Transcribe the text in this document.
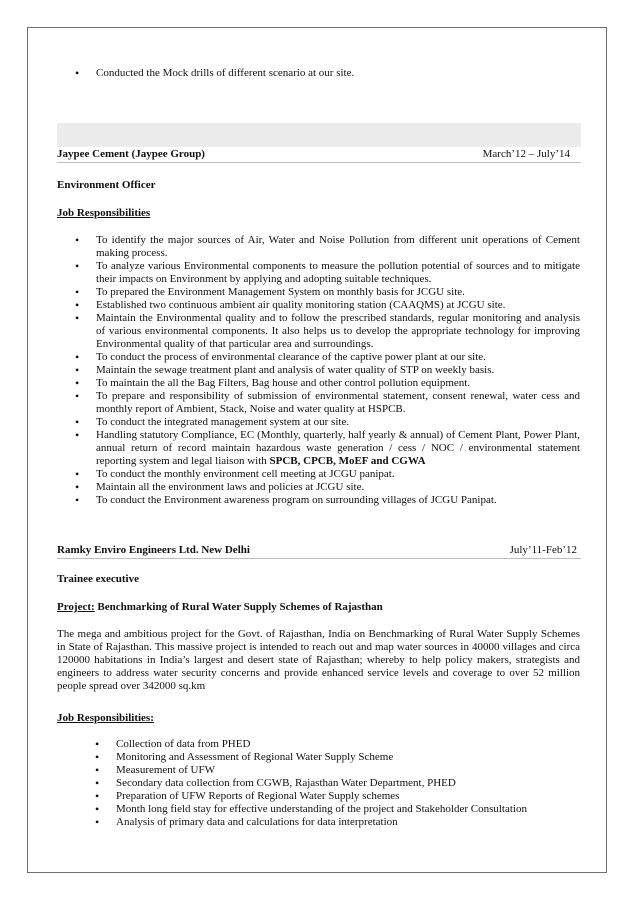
• Conducted the Mock drills of different scenario at our site.
Jaypee Cement (Jaypee Group)	March’12 – July’14
Environment Officer
Job Responsibilities
• To identify the major sources of Air, Water and Noise Pollution from different unit operations of Cement making process.
• To analyze various Environmental components to measure the pollution potential of sources and to mitigate their impacts on Environment by applying and adopting suitable techniques.
• To prepared the Environment Management System on monthly basis for JCGU site.
• Established two continuous ambient air quality monitoring station (CAAQMS) at JCGU site.
• Maintain the Environmental quality and to follow the prescribed standards, regular monitoring and analysis of various environmental components. It also helps us to develop the appropriate technology for improving Environmental quality of that particular area and surroundings.
• To conduct the process of environmental clearance of the captive power plant at our site.
• Maintain the sewage treatment plant and analysis of water quality of STP on weekly basis.
• To maintain the all the Bag Filters, Bag house and other control pollution equipment.
• To prepare and responsibility of submission of environmental statement, consent renewal, water cess and monthly report of Ambient, Stack, Noise and water quality at HSPCB.
• To conduct the integrated management system at our site.
• Handling statutory Compliance, EC (Monthly, quarterly, half yearly & annual) of Cement Plant, Power Plant, annual return of record maintain hazardous waste generation / cess / NOC / environmental statement reporting system and legal liaison with SPCB, CPCB, MoEF and CGWA
• To conduct the monthly environment cell meeting at JCGU panipat.
• Maintain all the environment laws and policies at JCGU site.
• To conduct the Environment awareness program on surrounding villages of JCGU Panipat.
Ramky Enviro Engineers Ltd. New Delhi	July’11-Feb’12
Trainee executive
Project: Benchmarking of Rural Water Supply Schemes of Rajasthan

The mega and ambitious project for the Govt. of Rajasthan, India on Benchmarking of Rural Water Supply Schemes in State of Rajasthan. This massive project is intended to reach out and map water sources in 40000 villages and circa 120000 habitations in India’s largest and desert state of Rajasthan; whereby to help policy makers, strategists and engineers to address water security concerns and provide enhanced service levels and coverage to over 52 million people spread over 342000 sq.km

Job Responsibilities:
• Collection of data from PHED
• Monitoring and Assessment of Regional Water Supply Scheme
• Measurement of UFW
• Secondary data collection from CGWB, Rajasthan Water Department, PHED
• Preparation of UFW Reports of Regional Water Supply schemes
• Month long field stay for effective understanding of the project and Stakeholder Consultation
• Analysis of primary data and calculations for data interpretation
